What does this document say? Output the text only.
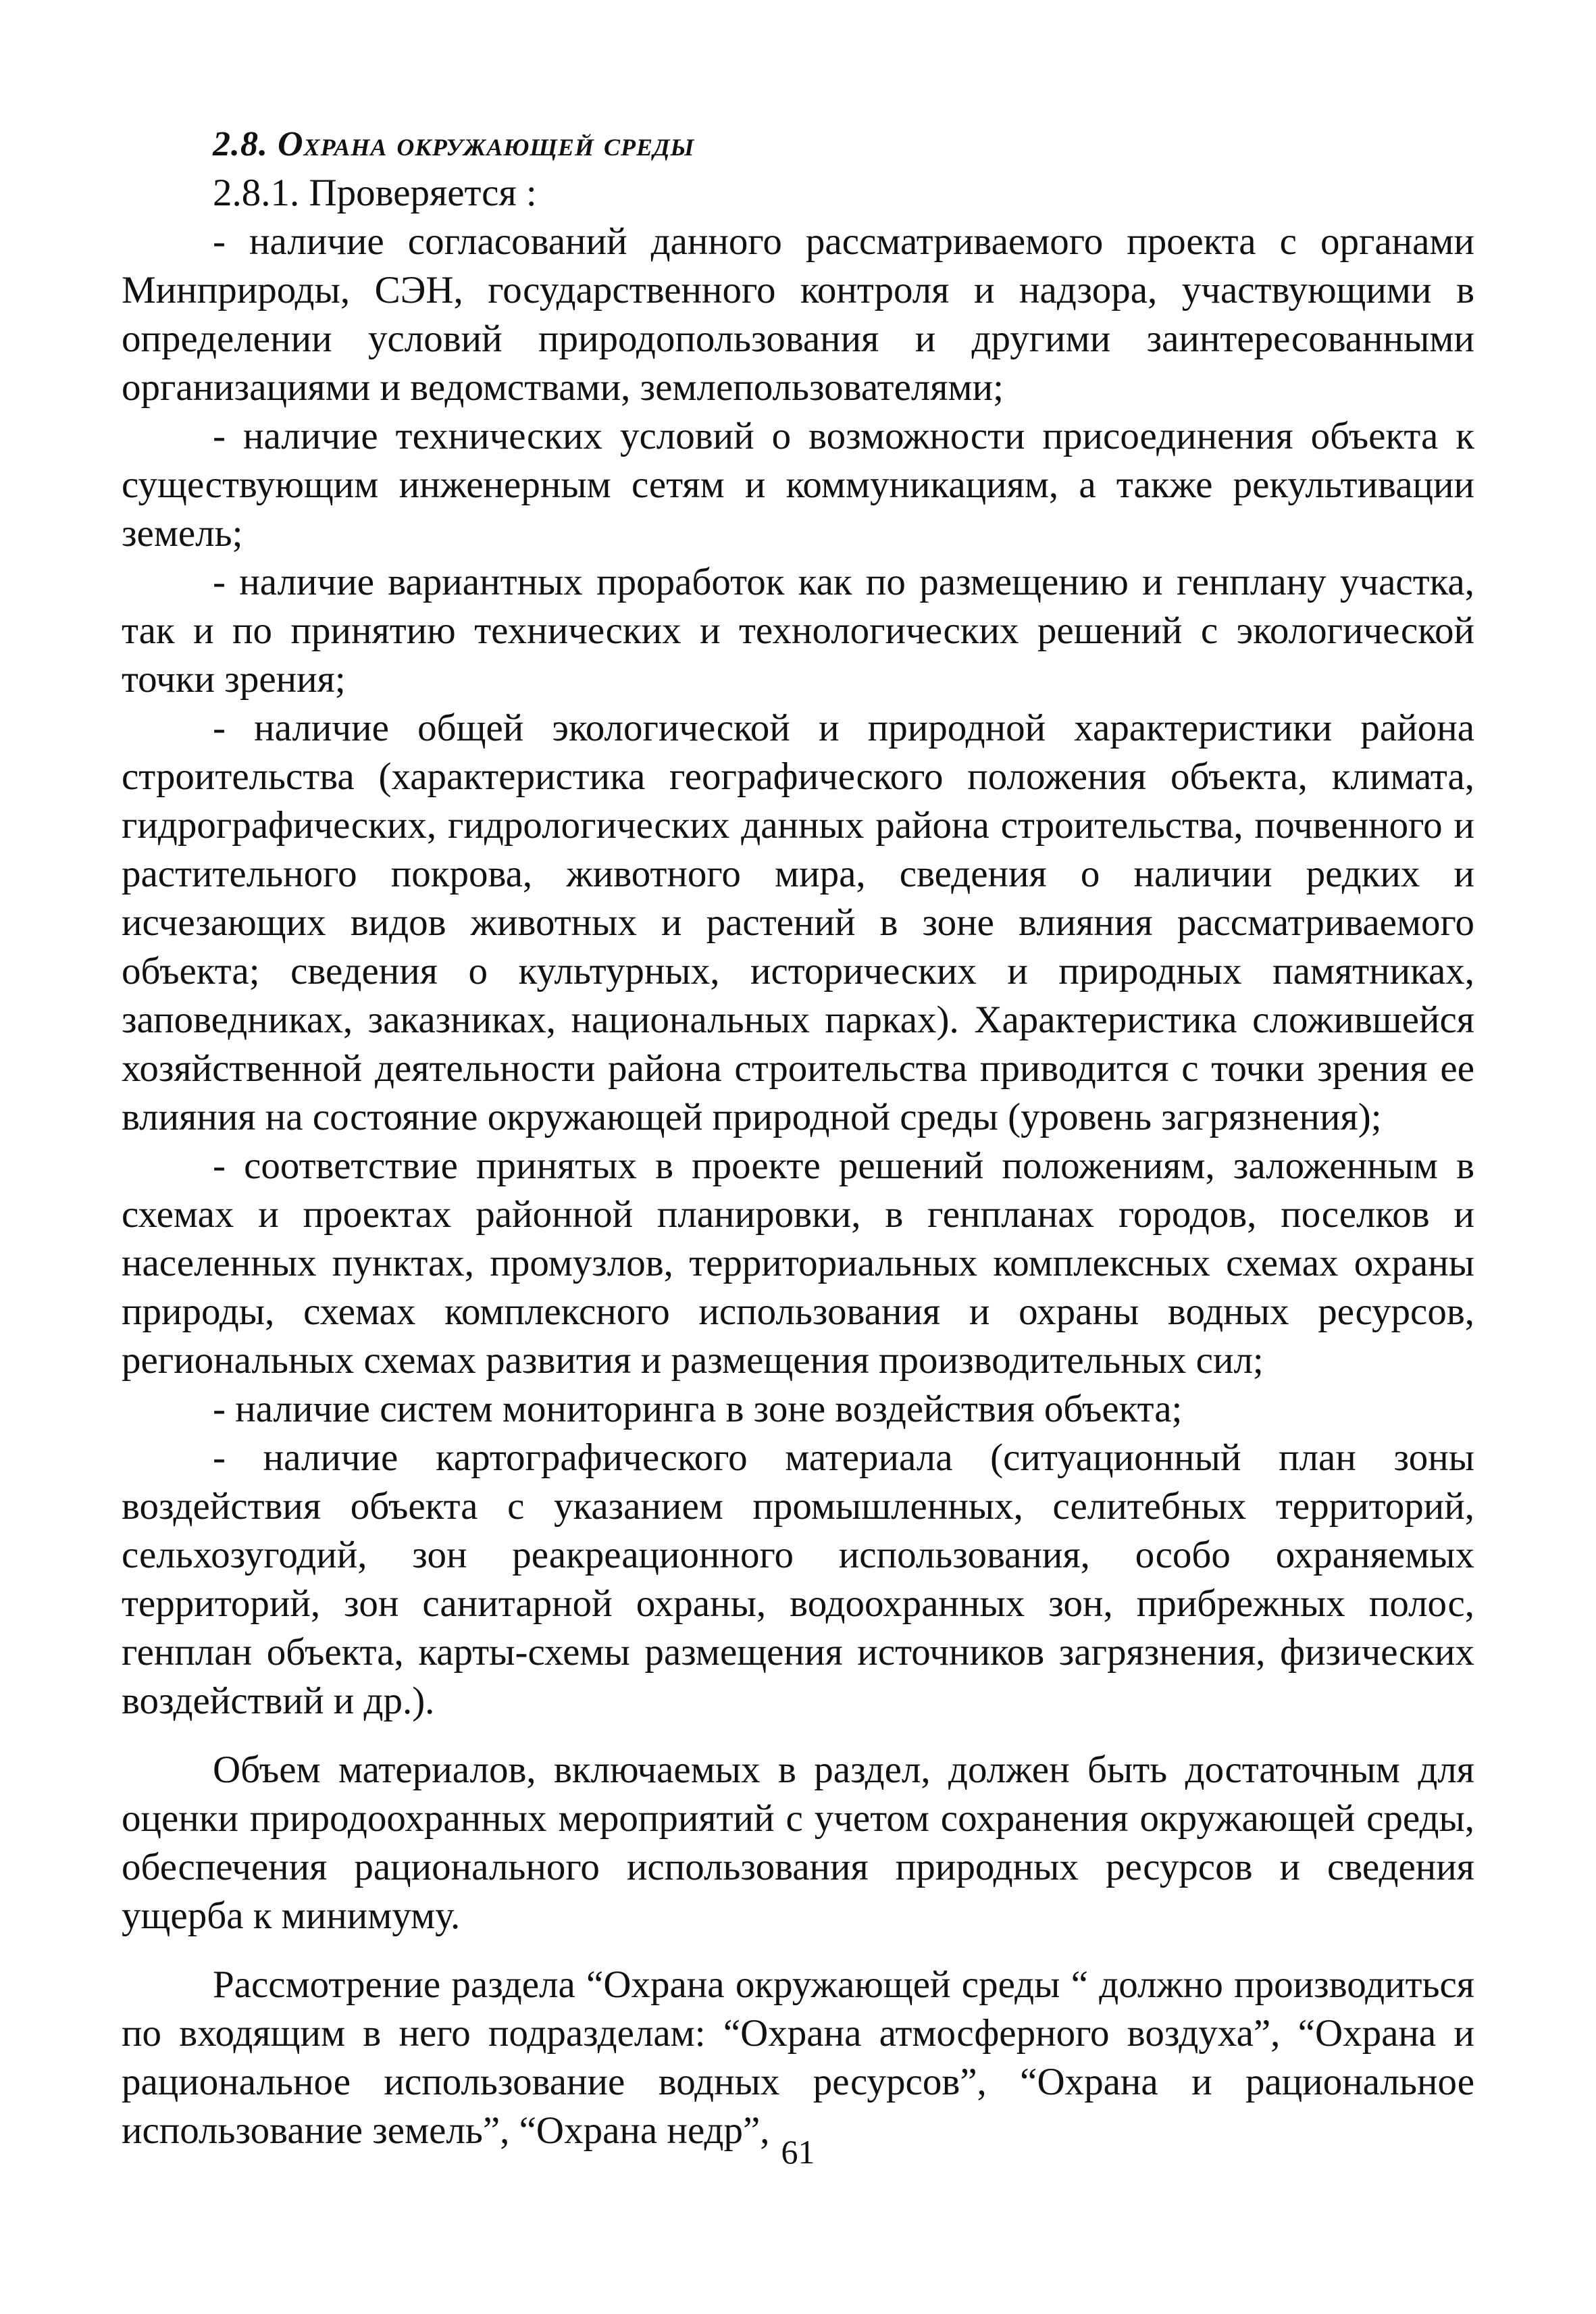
2.8. Охрана окружающей среды

2.8.1. Проверяется :

- наличие согласований данного рассматриваемого проекта с органами Минприроды, СЭН, государственного контроля и надзора, участвующими в определении условий природопользования и другими заинтересованными организациями и ведомствами, землепользователями;

- наличие технических условий о возможности присоединения объекта к существующим инженерным сетям и коммуникациям, а также рекультивации земель;

- наличие вариантных проработок как по размещению и генплану участка, так и по принятию технических и технологических решений с экологической точки зрения;

- наличие общей экологической и природной характеристики района строительства (характеристика географического положения объекта, климата, гидрографических, гидрологических данных района строительства, почвенного и растительного покрова, животного мира, сведения о наличии редких и исчезающих видов животных и растений в зоне влияния рассматриваемого объекта; сведения о культурных, исторических и природных памятниках, заповедниках, заказниках, национальных парках). Характеристика сложившейся хозяйственной деятельности района строительства приводится с точки зрения ее влияния на состояние окружающей природной среды (уровень загрязнения);

- соответствие принятых в проекте решений положениям, заложенным в схемах и проектах районной планировки, в генпланах городов, поселков и населенных пунктах, промузлов, территориальных комплексных схемах охраны природы, схемах комплексного использования и охраны водных ресурсов, региональных схемах развития и размещения производительных сил;

- наличие систем мониторинга в зоне воздействия объекта;

- наличие картографического материала (ситуационный план зоны воздействия объекта с указанием промышленных, селитебных территорий, сельхозугодий, зон реакреационного использования, особо охраняемых территорий, зон санитарной охраны, водоохранных зон, прибрежных полос, генплан объекта, карты-схемы размещения источников загрязнения, физических воздействий и др.).

Объем материалов, включаемых в раздел, должен быть достаточным для оценки природоохранных мероприятий с учетом сохранения окружающей среды, обеспечения рационального использования природных ресурсов и сведения ущерба к минимуму.

Рассмотрение раздела “Охрана окружающей среды “ должно производиться по входящим в него подразделам: “Охрана атмосферного воздуха”, “Охрана и рациональное использование водных ресурсов”, “Охрана и рациональное использование земель”, “Охрана недр”, 61
